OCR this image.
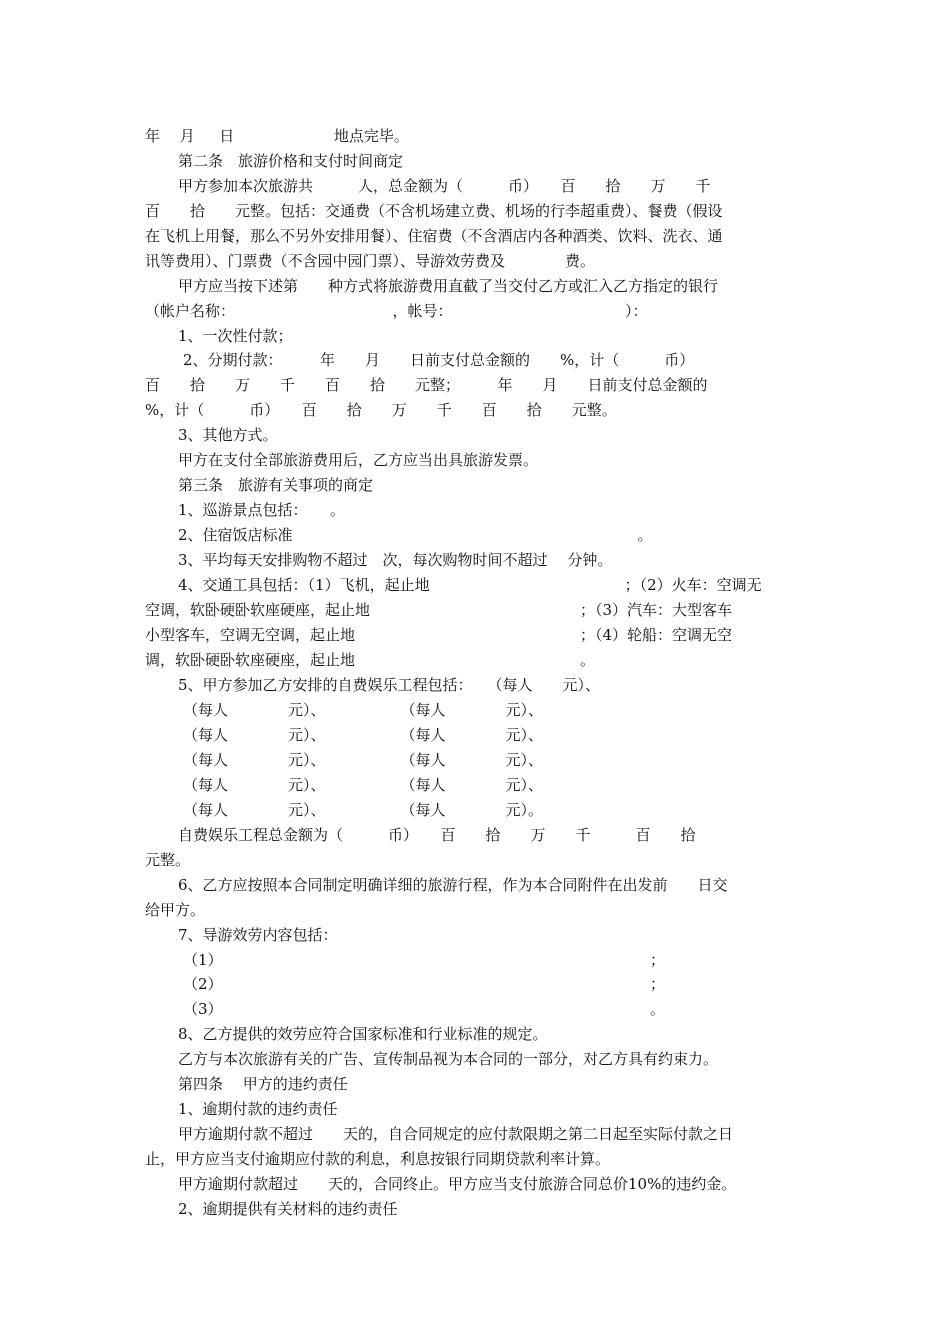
年　 月 　 日 　　　　　　 地点完毕。
第二条　旅游价格和支付时间商定
甲方参加本次旅游共　　　人，总金额为（　　　币）　　百　　拾　　万　　千
百　　拾　　元整。包括：交通费（不含机场建立费、机场的行李超重费）、餐费（假设
在飞机上用餐，那么不另外安排用餐）、住宿费（不含酒店内各种酒类、饮料、洗衣、通
讯等费用）、门票费（不含园中园门票）、导游效劳费及　　　　费。
甲方应当按下述第　　种方式将旅游费用直截了当交付乙方或汇入乙方指定的银行
（帐户名称：　　　　　　　　　　　，帐号：　　　　　　　　　　　　）：
1、一次性付款；
2、分期付款：　　　年　　月　　日前支付总金额的　　%，计（　　　币）
百　　拾　　万　　千　　百　　拾　　元整；　　　年　　月　　日前支付总金额的
%，计（　　　币）　　百　　拾　　万　　千　　百　　拾　　元整。
3、其他方式。
甲方在支付全部旅游费用后，乙方应当出具旅游发票。
第三条　旅游有关事项的商定
1、巡游景点包括：　　。
2、住宿饭店标准　　　　　　　　　　　　　　　　　　　　　　　。
3、平均每天安排购物不超过　次，每次购物时间不超过　 分钟。
4、交通工具包括：（1）飞机，起止地　　　　　　　　　　　　　；（2）火车：空调无
空调，软卧硬卧软座硬座，起止地　　　　　　　　　　　　　　；（3）汽车：大型客车
小型客车，空调无空调，起止地　　　　　　　　　　　　　　　；（4）轮船：空调无空
调，软卧硬卧软座硬座，起止地　　　　　　　　　　　　　　　。
5、甲方参加乙方安排的自费娱乐工程包括：　　（每人　　元）、
（每人　　　　元）、　　　　　　（每人　　　　元）、
（每人　　　　元）、　　　　　　（每人　　　　元）、
（每人　　　　元）、　　　　　　（每人　　　　元）、
（每人　　　　元）、　　　　　　（每人　　　　元）、
（每人　　　　元）、　　　　　　（每人　　　　元）。
自费娱乐工程总金额为（　　　币）　　百　　拾　　万　　千　　　百　　拾
元整。
6、乙方应按照本合同制定明确详细的旅游行程，作为本合同附件在出发前　　日交
给甲方。
7、导游效劳内容包括：
（1）　　　　　　　　　　　　　　　　　　　　　　　　　　　　　；
（2）　　　　　　　　　　　　　　　　　　　　　　　　　　　　　；
（3）　　　　　　　　　　　　　　　　　　　　　　　　　　　　　。
8、乙方提供的效劳应符合国家标准和行业标准的规定。
乙方与本次旅游有关的广告、宣传制品视为本合同的一部分，对乙方具有约束力。
第四条　 甲方的违约责任
1、逾期付款的违约责任
甲方逾期付款不超过　　天的，自合同规定的应付款限期之第二日起至实际付款之日
止，甲方应当支付逾期应付款的利息，利息按银行同期贷款利率计算。
甲方逾期付款超过　　天的，合同终止。甲方应当支付旅游合同总价10%的违约金。
2、逾期提供有关材料的违约责任
